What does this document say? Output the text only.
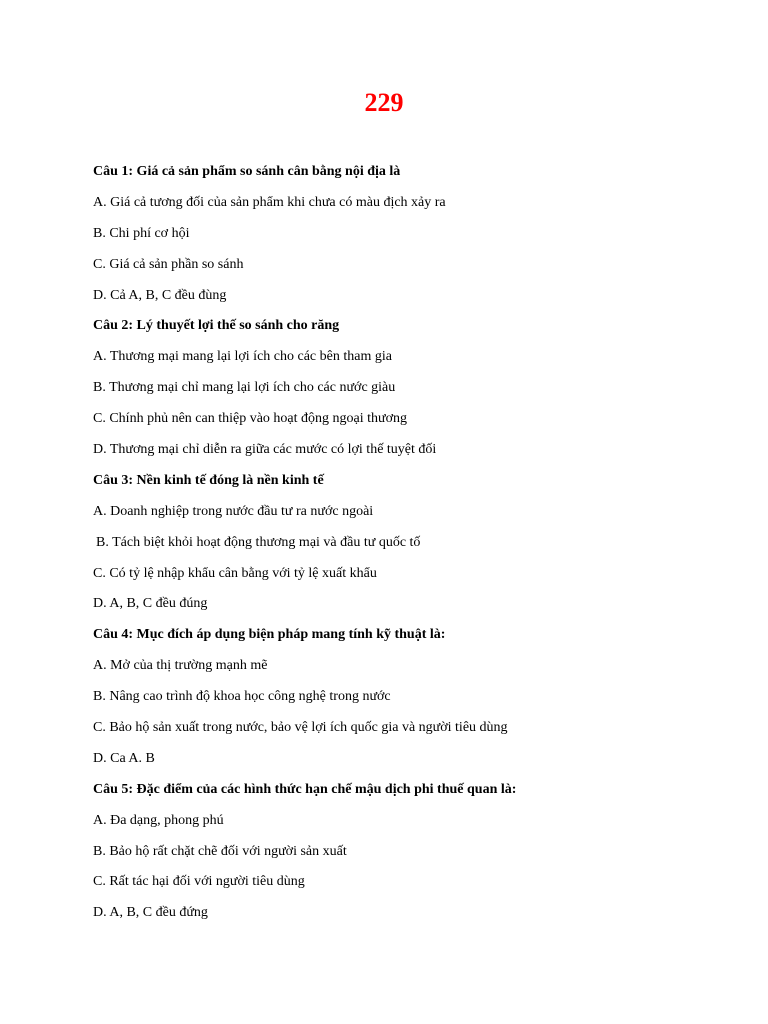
229
Câu 1: Giá cả sản phẩm so sánh cân bằng nội địa là
A. Giá cả tương đối của sản phẩm khi chưa có màu địch xảy ra
B. Chi phí cơ hội
C. Giá cả sản phần so sánh
D. Cả A, B, C đều đùng
Câu 2: Lý thuyết lợi thế so sánh cho răng
A. Thương mại mang lại lợi ích cho các bên tham gia
B. Thương mại chỉ mang lại lợi ích cho các nước giàu
C. Chính phủ nên can thiệp vào hoạt động ngoại thương
D. Thương mại chỉ diễn ra giữa các mước có lợi thế tuyệt đối
Câu 3: Nền kinh tế đóng là nền kinh tế
A. Doanh nghiệp trong nước đầu tư ra nước ngoài
B. Tách biệt khỏi hoạt động thương mại và đầu tư quốc tố
C. Có tỷ lệ nhập khẩu cân bằng với tỷ lệ xuất khẩu
D. A, B, C đều đúng
Câu 4: Mục đích áp dụng biện pháp mang tính kỹ thuật là:
A. Mở của thị trường mạnh mẽ
B. Nâng cao trình độ khoa học công nghệ trong nước
C. Bảo hộ sản xuất trong nước, bảo vệ lợi ích quốc gia và người tiêu dùng
D. Ca A. B
Câu 5: Đặc điểm của các hình thức hạn chế mậu dịch phi thuế quan là:
A. Đa dạng, phong phú
B. Bảo hộ rất chặt chẽ đối với người sản xuất
C. Rất tác hại đối với người tiêu dùng
D. A, B, C đều đứng
